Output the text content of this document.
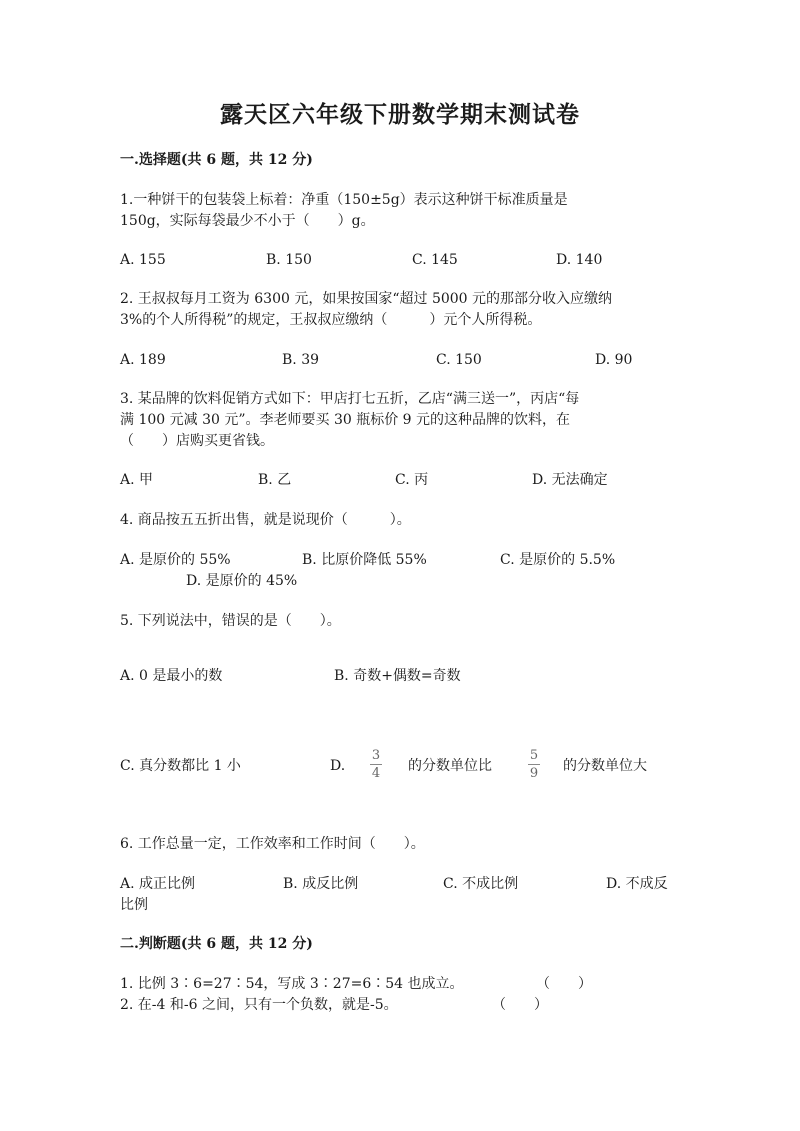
露天区六年级下册数学期末测试卷
一.选择题(共 6 题，共 12 分)
1.一种饼干的包装袋上标着：净重（150±5g）表示这种饼干标准质量是
150g，实际每袋最少不小于（　　）g。
A. 155	B. 150	C. 145	D. 140
2. 王叔叔每月工资为 6300 元，如果按国家“超过 5000 元的那部分收入应缴纳
3%的个人所得税”的规定，王叔叔应缴纳（　　　）元个人所得税。
A. 189	B. 39	C. 150	D. 90
3. 某品牌的饮料促销方式如下：甲店打七五折，乙店“满三送一”，丙店“每
满 100 元减 30 元”。李老师要买 30 瓶标价 9 元的这种品牌的饮料，在
（　　）店购买更省钱。
A. 甲	B. 乙	C. 丙	D. 无法确定
4. 商品按五五折出售，就是说现价（　　　）。
A. 是原价的 55%	B. 比原价降低 55%	C. 是原价的 5.5%
D. 是原价的 45%
5. 下列说法中，错误的是（　　）。
A. 0 是最小的数	B. 奇数+偶数=奇数
C. 真分数都比 1 小	D.
3
4 的分数单位比
5
9 的分数单位大
6. 工作总量一定，工作效率和工作时间（　　）。
A. 成正比例	B. 成反比例	C. 不成比例	D. 不成反
比例
二.判断题(共 6 题，共 12 分)
1. 比例 3∶6=27∶54，写成 3∶27=6∶54 也成立。	（　　）
2. 在-4 和-6 之间，只有一个负数，就是-5。	（　　）
